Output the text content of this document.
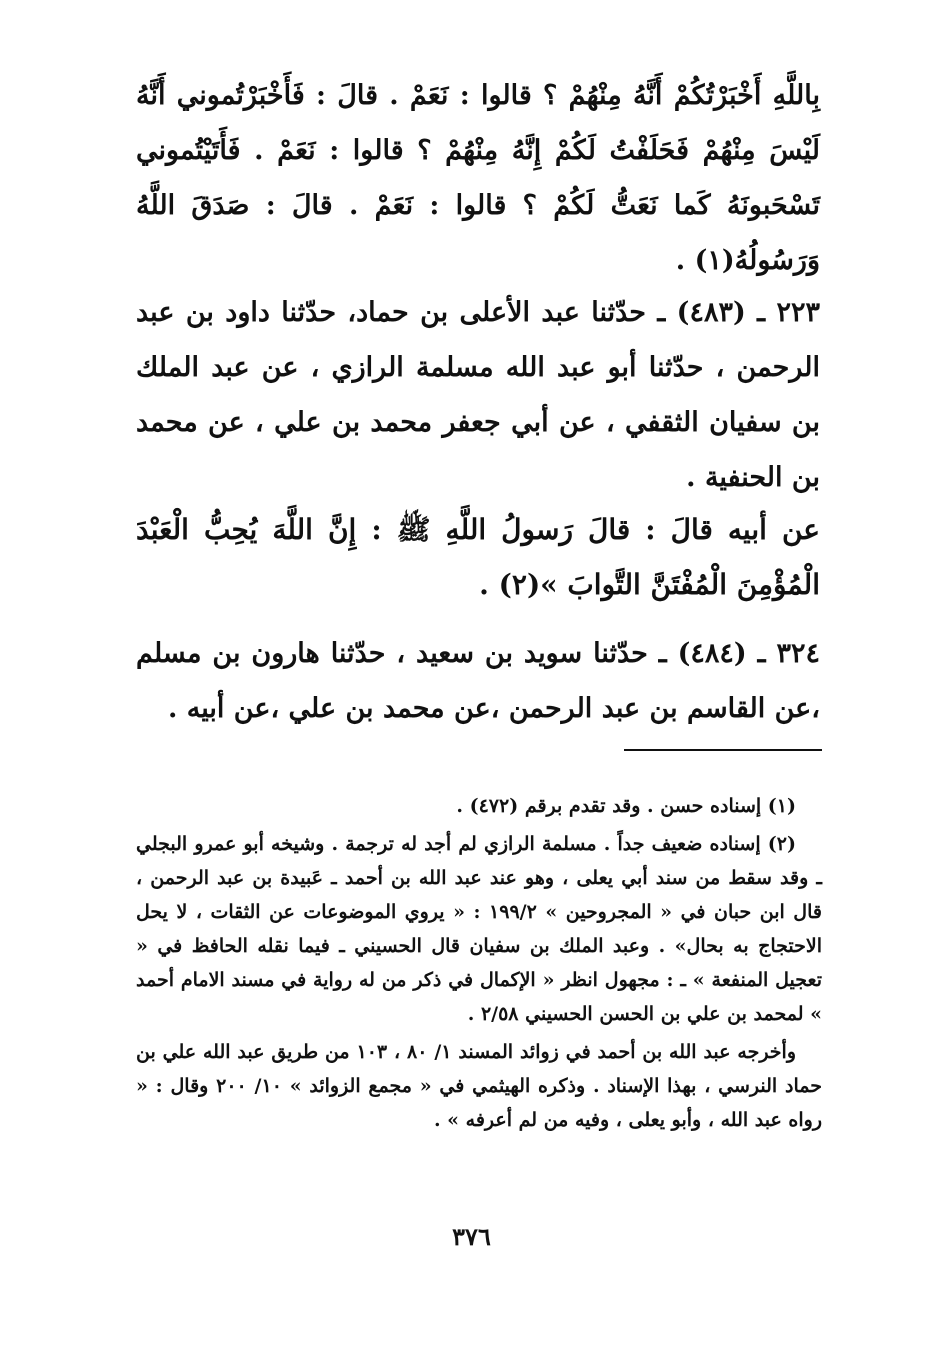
بِاللَّهِ أَخْبَرْتُكُمْ أَنَّهُ مِنْهُمْ ؟ قالوا : نَعَمْ . قالَ : فَأَخْبَرْتُموني أَنَّهُ لَيْسَ مِنْهُمْ فَحَلَفْتُ لَكُمْ إِنَّهُ مِنْهُمْ ؟ قالوا : نَعَمْ . فَأَتَيْتُموني تَسْحَبونَهُ كَما نَعَتُّ لَكُمْ ؟ قالوا : نَعَمْ . قالَ : صَدَقَ اللَّهُ وَرَسُولُهُ(١) .

٢٢٣ ـ (٤٨٣) ـ حدّثنا عبد الأعلى بن حماد، حدّثنا داود بن عبد الرحمن ، حدّثنا أبو عبد الله مسلمة الرازي ، عن عبد الملك بن سفيان الثقفي ، عن أبي جعفر محمد بن علي ، عن محمد بن الحنفية .

عن أبيه قالَ : قالَ رَسولُ اللَّهِ ﷺ : إِنَّ اللَّهَ يُحِبُّ الْعَبْدَ الْمُؤْمِنَ الْمُفْتَنَّ التَّوابَ »(٢) .

٣٢٤ ـ (٤٨٤) ـ حدّثنا سويد بن سعيد ، حدّثنا هارون بن مسلم ،عن القاسم بن عبد الرحمن ،عن محمد بن علي ،عن أبيه .

(١) إسناده حسن . وقد تقدم برقم (٤٧٢) .

(٢) إسناده ضعيف جداً . مسلمة الرازي لم أجد له ترجمة . وشيخه أبو عمرو البجلي ـ وقد سقط من سند أبي يعلى ، وهو عند عبد الله بن أحمد ـ عَبيدة بن عبد الرحمن ، قال ابن حبان في « المجروحين » ١٩٩/٢ : « يروي الموضوعات عن الثقات ، لا يحل الاحتجاج به بحال» . وعبد الملك بن سفيان قال الحسيني ـ فيما نقله الحافظ في « تعجيل المنفعة » ـ : مجهول انظر « الإكمال في ذكر من له رواية في مسند الامام أحمد » لمحمد بن علي بن الحسن الحسيني ٢/٥٨ .

وأخرجه عبد الله بن أحمد في زوائد المسند ١/ ٨٠ ، ١٠٣ من طريق عبد الله علي بن حماد النرسي ، بهذا الإسناد . وذكره الهيثمي في « مجمع الزوائد » ١٠/ ٢٠٠ وقال : « رواه عبد الله ، وأبو يعلى ، وفيه من لم أعرفه » .

٣٧٦
